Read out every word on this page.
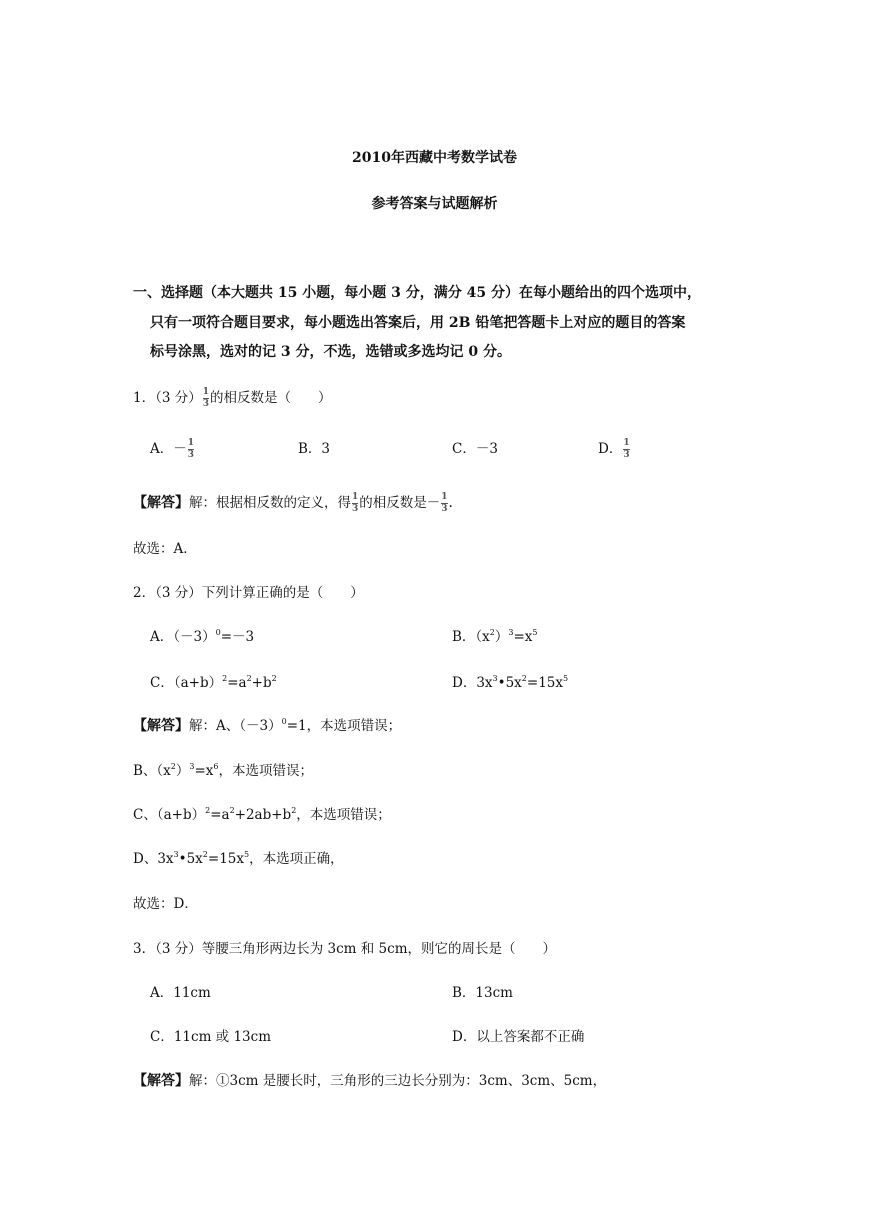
2010年西藏中考数学试卷
参考答案与试题解析
一、选择题（本大题共 15 小题，每小题 3 分，满分 45 分）在每小题给出的四个选项中，
只有一项符合题目要求，每小题选出答案后，用 2B 铅笔把答题卡上对应的题目的答案
标号涂黑，选对的记 3 分，不选，选错或多选均记 0 分。
1．（3 分） $\frac{1}{3}$ 的相反数是（　　）
A．－ $\frac{1}{3}$	B．3	C．－3	D． $\frac{1}{3}$
【解答】解：根据相反数的定义，得 $\frac{1}{3}$ 的相反数是－ $\frac{1}{3}$ .
故选：A．
2．（3 分）下列计算正确的是（　　）
A．$(-3)^0=-3$	B．$(x^2)^3=x^5$
C．$(a+b)^2=a^2+b^2$	D．$3x^3•5x^2=15x^5$
【解答】解：A、$(-3)^0=1$，本选项错误；
B、$(x^2)^3=x^6$，本选项错误；
C、$(a+b)^2=a^2+2ab+b^2$，本选项错误；
D、$3x^3•5x^2=15x^5$，本选项正确，
故选：D．
3．（3 分）等腰三角形两边长为 3cm 和 5cm，则它的周长是（　　）
A．11cm	B．13cm
C．11cm 或 13cm	D．以上答案都不正确
【解答】解：①3cm 是腰长时，三角形的三边长分别为：3cm、3cm、5cm，
